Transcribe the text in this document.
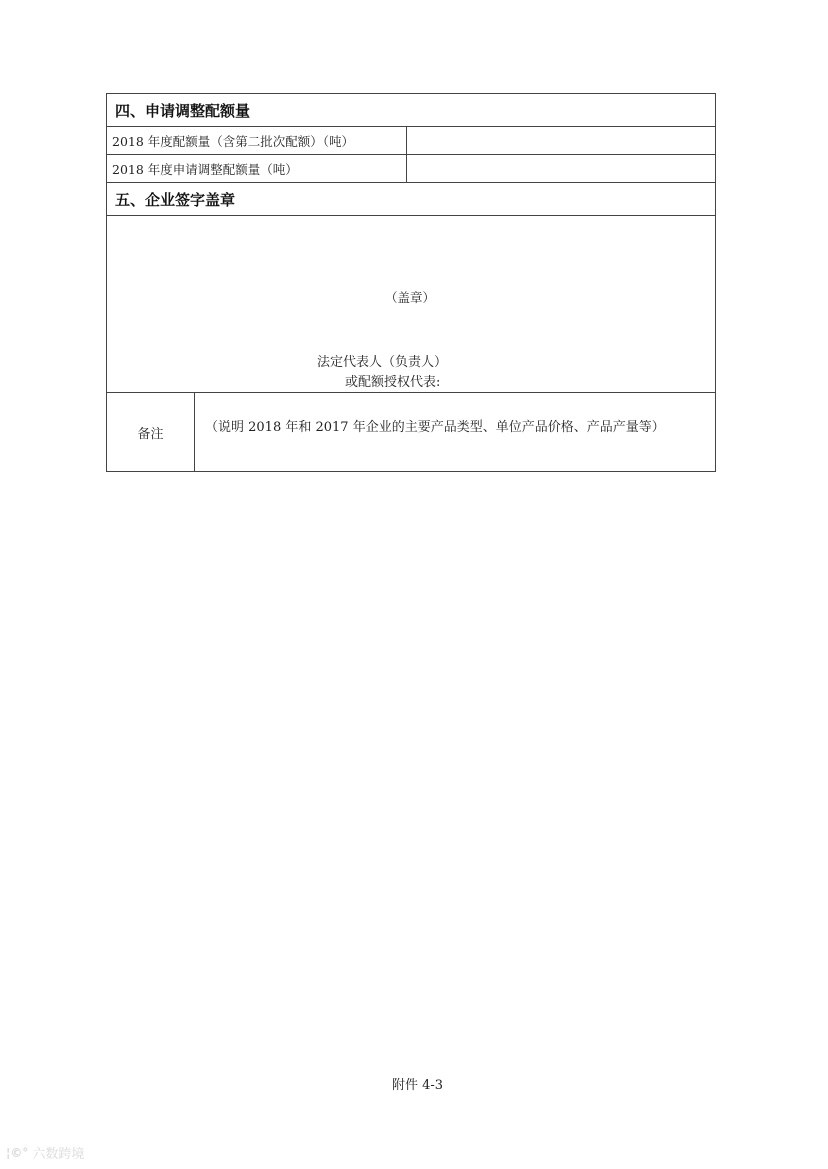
四、申请调整配额量
2018 年度配额量（含第二批次配额）（吨）
2018 年度申请调整配额量（吨）
五、企业签字盖章
（盖章）
法定代表人（负责人）
或配额授权代表:
备注	（说明 2018 年和 2017 年企业的主要产品类型、单位产品价格、产品产量等）
附件 4-3
¦©° 六数跨境
